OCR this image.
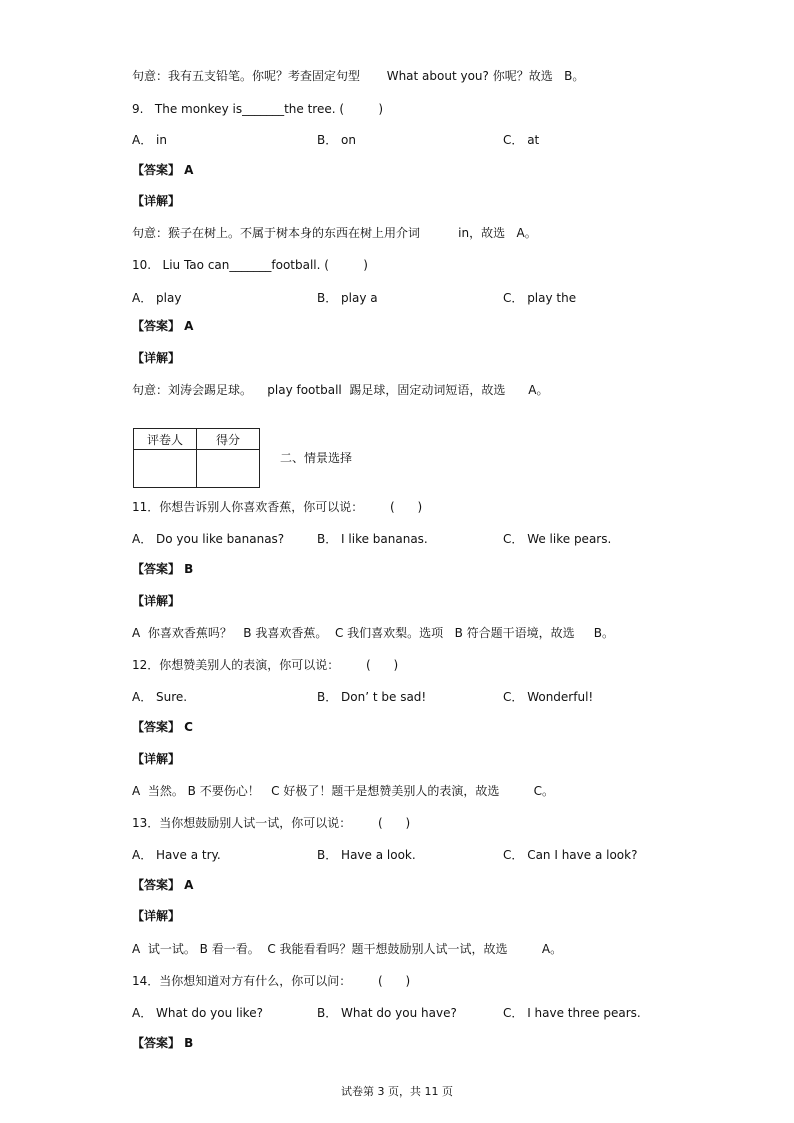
句意：我有五支铅笔。你呢？考查固定句型       What about you? 你呢？故选   B。
9.   The monkey is_______the tree. (         )
A． in	B． on	C． at
【答案】 A
【详解】
句意：猴子在树上。不属于树本身的东西在树上用介词          in，故选   A。
10.   Liu Tao can_______football. (         )
A． play	B． play a	C． play the
【答案】 A
【详解】
句意：刘涛会踢足球。    play football  踢足球，固定动词短语，故选      A。
评卷人	得分

二、情景选择
11．你想告诉别人你喜欢香蕉，你可以说：       (      )
A． Do you like bananas?	B． I like bananas.	C． We like pears.
【答案】 B
【详解】
A  你喜欢香蕉吗？   B 我喜欢香蕉。  C 我们喜欢梨。选项   B 符合题干语境，故选     B。
12．你想赞美别人的表演，你可以说：       (      )
A． Sure.	B． Don’ t be sad!	C． Wonderful!
【答案】 C
【详解】
A  当然。 B 不要伤心！   C 好极了！题干是想赞美别人的表演，故选         C。
13．当你想鼓励别人试一试，你可以说：       (      )
A． Have a try.	B． Have a look.	C． Can I have a look?
【答案】 A
【详解】
A  试一试。 B 看一看。  C 我能看看吗？题干想鼓励别人试一试，故选         A。
14．当你想知道对方有什么，你可以问：       (      )
A． What do you like?	B． What do you have?	C． I have three pears.
【答案】 B
试卷第 3 页，共 11 页
